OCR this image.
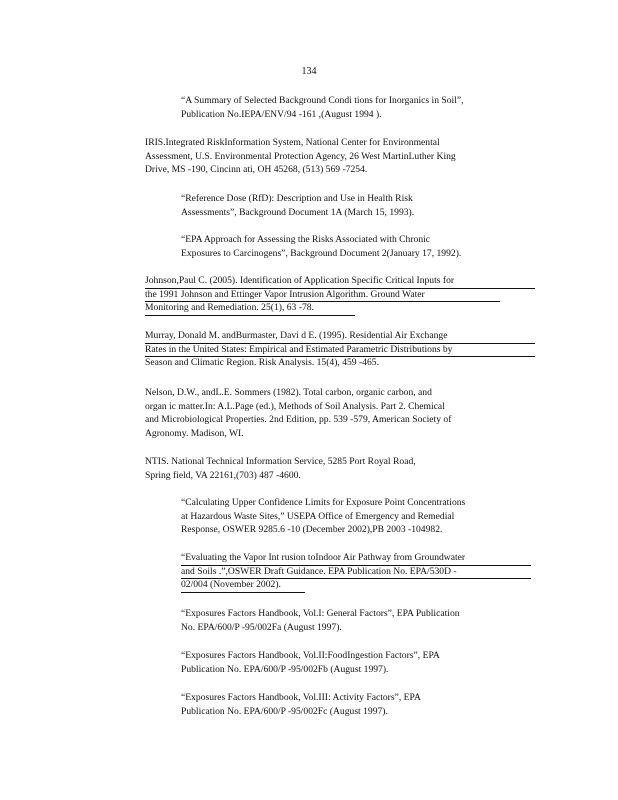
134
“A Summary of Selected Background Condi tions for Inorganics in Soil”,
Publication No.IEPA/ENV/94 -161 ,(August 1994 ).
IRIS.Integrated RiskInformation System, National Center for Environmental
Assessment, U.S. Environmental Protection Agency, 26 West MartinLuther King
Drive, MS -190, Cincinn ati, OH 45268, (513) 569 -7254.
“Reference Dose (RfD): Description and Use in Health Risk
Assessments”, Background Document 1A (March 15, 1993).
“EPA Approach for Assessing the Risks Associated with Chronic
Exposures to Carcinogens”, Background Document 2(January 17, 1992).
Johnson,Paul C. (2005). Identification of Application Specific Critical Inputs for
the 1991 Johnson and Ettinger Vapor Intrusion Algorithm. Ground Water
Monitoring and Remediation. 25(1), 63 -78.
Murray, Donald M. andBurmaster, Davi d E. (1995). Residential Air Exchange
Rates in the United States: Empirical and Estimated Parametric Distributions by
Season and Climatic Region. Risk Analysis. 15(4), 459 -465.
Nelson, D.W., andL.E. Sommers (1982). Total carbon, organic carbon, and
organ ic matter.In: A.L.Page (ed.), Methods of Soil Analysis. Part 2. Chemical
and Microbiological Properties. 2nd Edition, pp. 539 -579, American Society of
Agronomy. Madison, WI.
NTIS. National Technical Information Service, 5285 Port Royal Road,
Spring field, VA 22161,(703) 487 -4600.
“Calculating Upper Confidence Limits for Exposure Point Concentrations
at Hazardous Waste Sites,” USEPA Office of Emergency and Remedial
Response, OSWER 9285.6 -10 (December 2002),PB 2003 -104982.
“Evaluating the Vapor Int rusion toIndoor Air Pathway from Groundwater
and Soils .”,OSWER Draft Guidance. EPA Publication No. EPA/530D -
02/004 (November 2002).
“Exposures Factors Handbook, Vol.I: General Factors”, EPA Publication
No. EPA/600/P -95/002Fa (August 1997).
“Exposures Factors Handbook, Vol.II:FoodIngestion Factors”, EPA
Publication No. EPA/600/P -95/002Fb (August 1997).
“Exposures Factors Handbook, Vol.III: Activity Factors”, EPA
Publication No. EPA/600/P -95/002Fc (August 1997).
